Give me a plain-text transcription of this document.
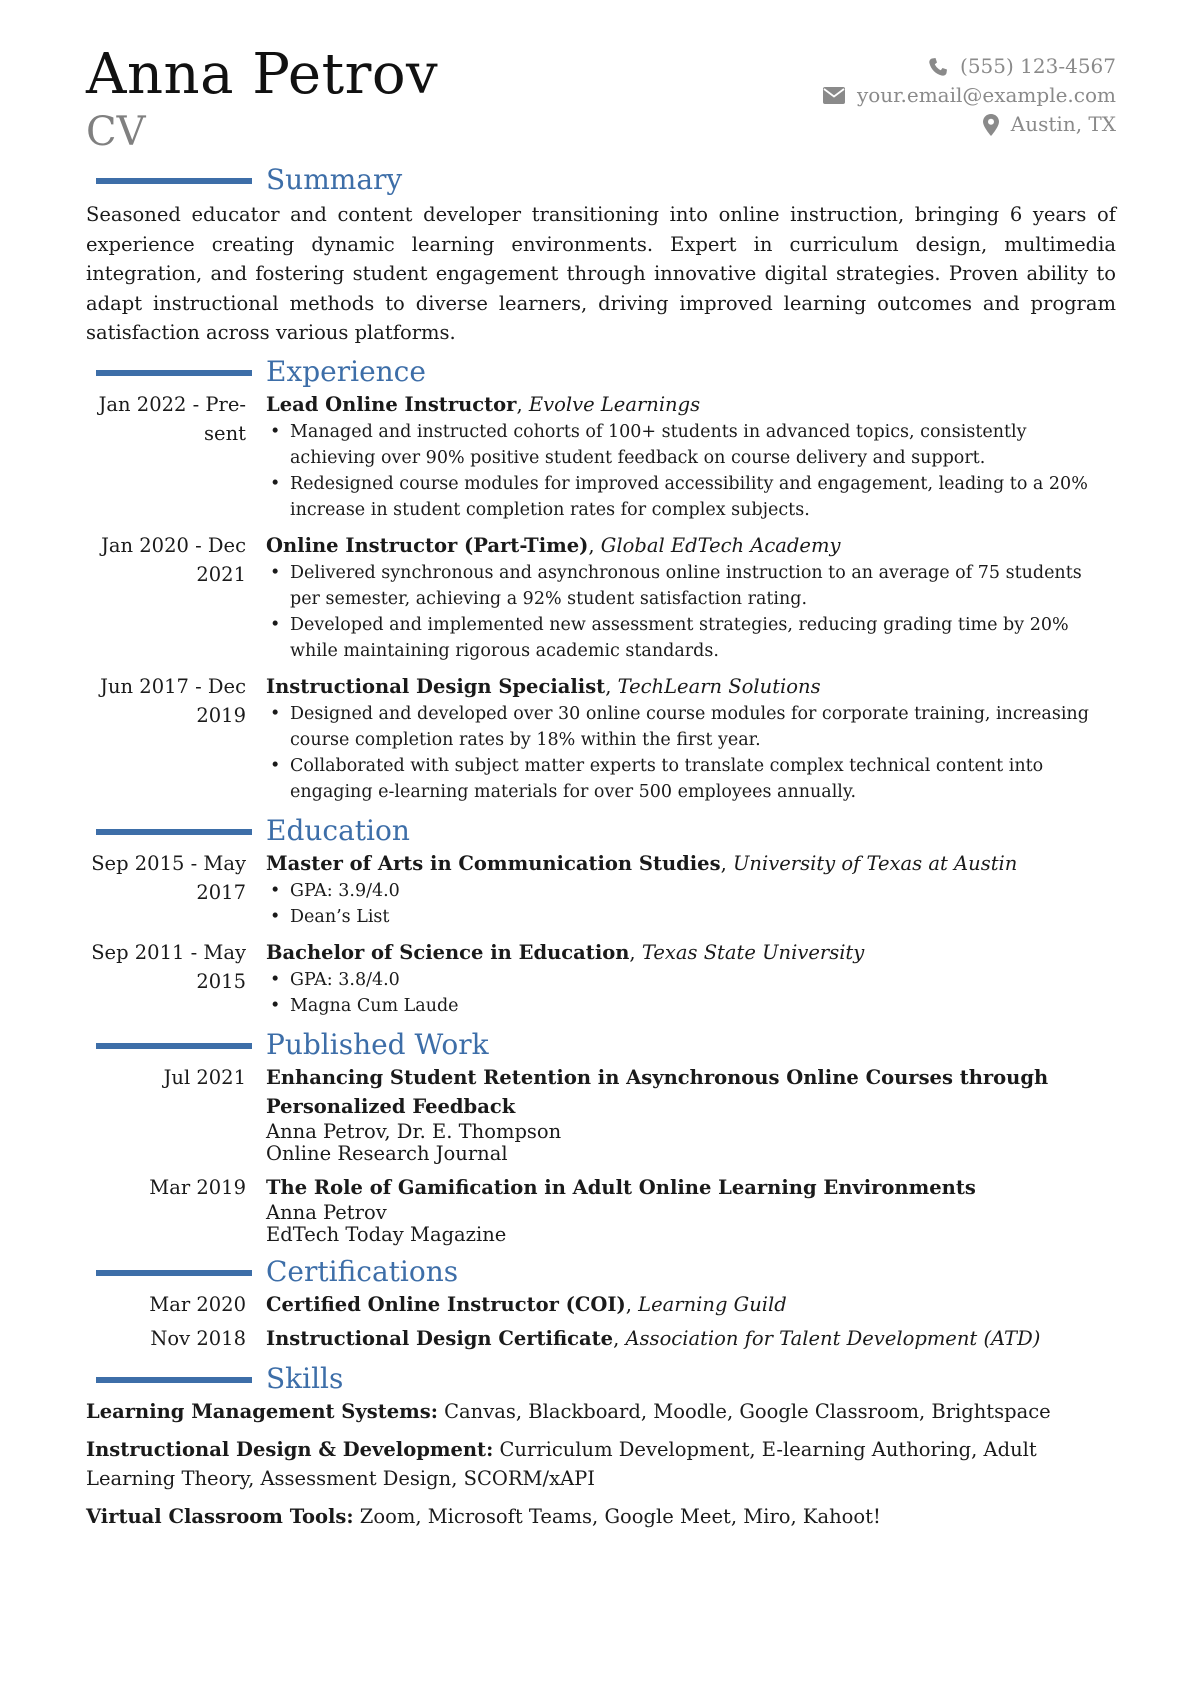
Anna Petrov
CV
(555) 123-4567
your.email@example.com
Austin, TX
Summary
Seasoned educator and content developer transitioning into online instruction, bringing 6 years of experience creating dynamic learning environments. Expert in curriculum design, multimedia integration, and fostering student engagement through innovative digital strategies. Proven ability to adapt instructional methods to diverse learners, driving improved learning outcomes and program satisfaction across various platforms.
Experience
Jan 2022 - Pre-
sent
Lead Online Instructor, Evolve Learnings
• Managed and instructed cohorts of 100+ students in advanced topics, consistently achieving over 90% positive student feedback on course delivery and support.
• Redesigned course modules for improved accessibility and engagement, leading to a 20% increase in student completion rates for complex subjects.
Jan 2020 - Dec
2021
Online Instructor (Part-Time), Global EdTech Academy
• Delivered synchronous and asynchronous online instruction to an average of 75 students per semester, achieving a 92% student satisfaction rating.
• Developed and implemented new assessment strategies, reducing grading time by 20% while maintaining rigorous academic standards.
Jun 2017 - Dec
2019
Instructional Design Specialist, TechLearn Solutions
• Designed and developed over 30 online course modules for corporate training, increasing course completion rates by 18% within the first year.
• Collaborated with subject matter experts to translate complex technical content into engaging e-learning materials for over 500 employees annually.
Education
Sep 2015 - May
2017
Master of Arts in Communication Studies, University of Texas at Austin
• GPA: 3.9/4.0
• Dean’s List
Sep 2011 - May
2015
Bachelor of Science in Education, Texas State University
• GPA: 3.8/4.0
• Magna Cum Laude
Published Work
Jul 2021 Enhancing Student Retention in Asynchronous Online Courses through Personalized Feedback
Anna Petrov, Dr. E. Thompson
Online Research Journal
Mar 2019 The Role of Gamification in Adult Online Learning Environments
Anna Petrov
EdTech Today Magazine
Certifications
Mar 2020 Certified Online Instructor (COI), Learning Guild
Nov 2018 Instructional Design Certificate, Association for Talent Development (ATD)
Skills
Learning Management Systems: Canvas, Blackboard, Moodle, Google Classroom, Brightspace
Instructional Design & Development: Curriculum Development, E-learning Authoring, Adult Learning Theory, Assessment Design, SCORM/xAPI
Virtual Classroom Tools: Zoom, Microsoft Teams, Google Meet, Miro, Kahoot!
